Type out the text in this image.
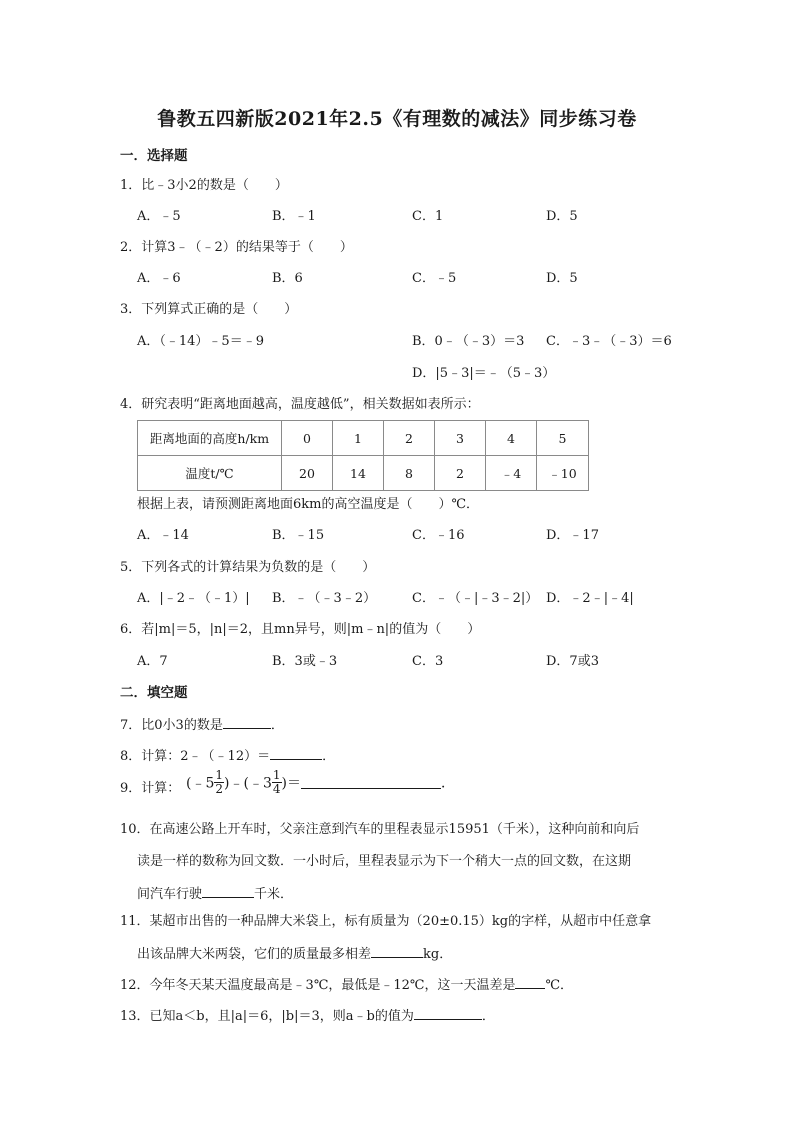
鲁教五四新版2021年2.5《有理数的减法》同步练习卷
一．选择题
1．比﹣3小2的数是（　　）
A．﹣5	B．﹣1	C．1	D．5
2．计算3﹣（﹣2）的结果等于（　　）
A．﹣6	B．6	C．﹣5	D．5
3．下列算式正确的是（　　）
A．（﹣14）﹣5＝﹣9	B．0﹣（﹣3）＝3 C．﹣3﹣（﹣3）＝6
D．|5﹣3|＝﹣（5﹣3）
4．研究表明“距离地面越高，温度越低”，相关数据如表所示：
距离地面的高度h/km	0	1	2	3	4	5
温度t/℃	20	14	8	2	﹣4	﹣10
根据上表，请预测距离地面6km的高空温度是（　　）℃．
A．﹣14	B．﹣15	C．﹣16	D．﹣17
5．下列各式的计算结果为负数的是（　　）
A．|﹣2﹣（﹣1）| B．﹣（﹣3﹣2）	C．﹣（﹣|﹣3﹣2|） D．﹣2﹣|﹣4|
6．若|m|＝5，|n|＝2，且mn异号，则|m﹣n|的值为（　　）
A．7	B．3或﹣3	C．3	D．7或3
二．填空题
7．比0小3的数是	．
8．计算：2﹣（﹣12）＝	．
9．计算： (﹣5 $\frac{1}{2}$ )﹣(﹣3 $\frac{1}{4}$ )＝	．
10．在高速公路上开车时，父亲注意到汽车的里程表显示15951（千米），这种向前和向后
读是一样的数称为回文数．一小时后，里程表显示为下一个稍大一点的回文数，在这期
间汽车行驶	千米．
11．某超市出售的一种品牌大米袋上，标有质量为（20±0.15）kg的字样，从超市中任意拿
出该品牌大米两袋，它们的质量最多相差	kg．
12．今年冬天某天温度最高是﹣3℃，最低是﹣12℃，这一天温差是 ℃．
13．已知a＜b，且|a|＝6，|b|＝3，则a﹣b的值为	．
